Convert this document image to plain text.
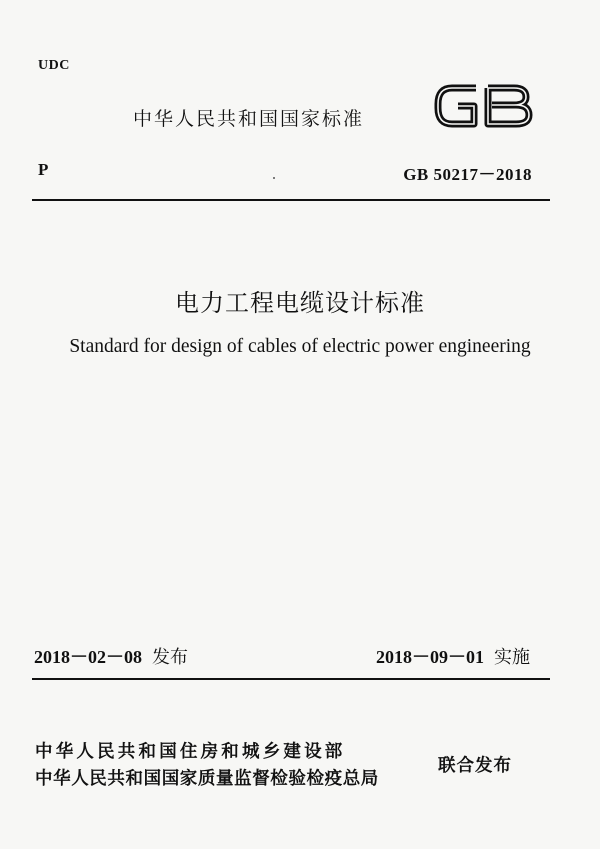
UDC
中华人民共和国国家标准
P	GB 50217－2018
电力工程电缆设计标准
Standard for design of cables of electric power engineering
2018－02－08 发布	2018－09－01 实施
中华人民共和国住房和城乡建设部
中华人民共和国国家质量监督检验检疫总局
联合发布
